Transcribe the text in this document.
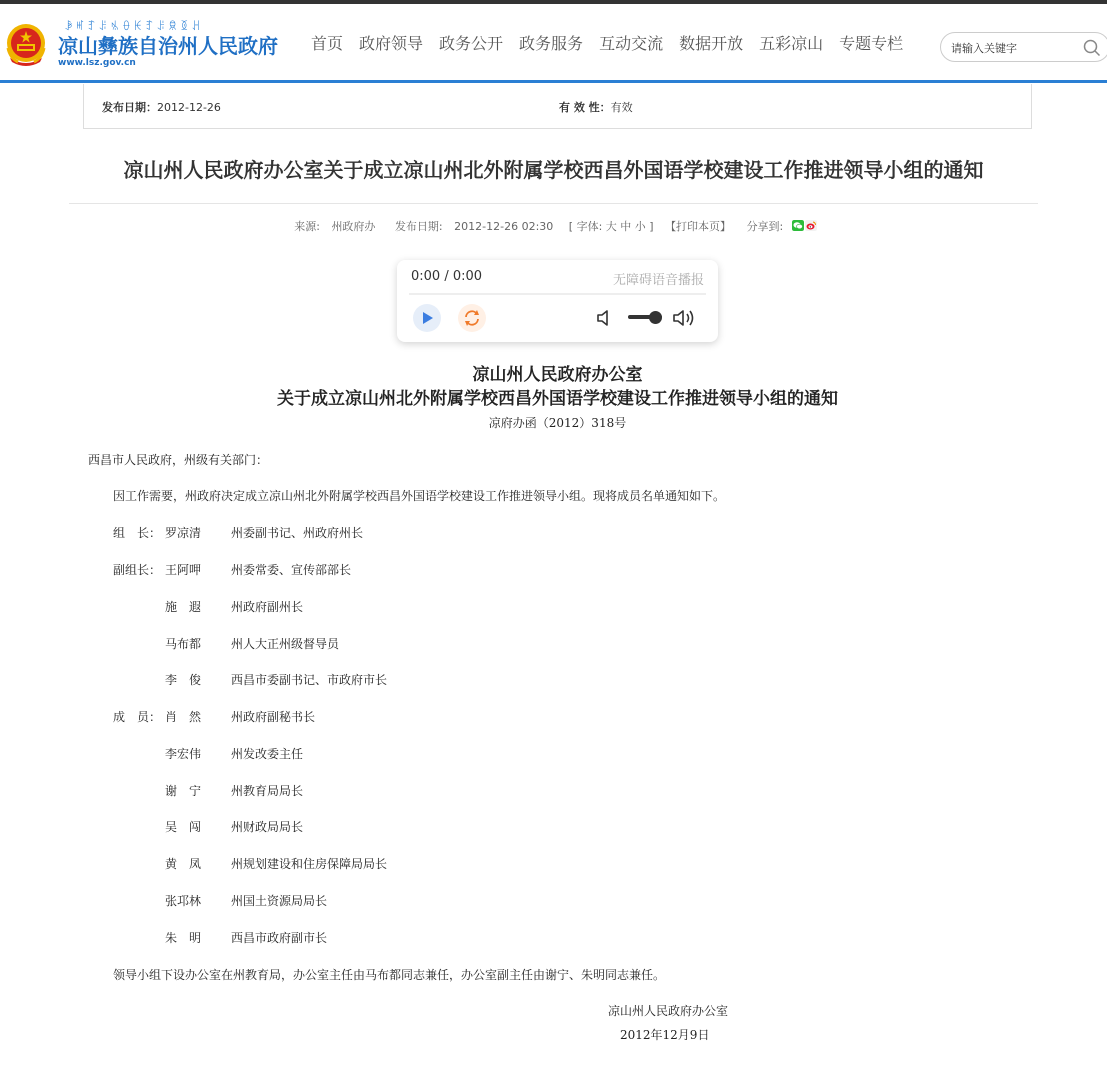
ꆃꎭꆈꌠꁱꂷꀘꆈꌠꌋꅉꃅ
凉山彝族自治州人民政府
www.lsz.gov.cn
首页 政府领导 政务公开 政务服务 互动交流 数据开放 五彩凉山 专题专栏
请输入关键字
发布日期：2012-12-26	有 效 性：有效
凉山州人民政府办公室关于成立凉山州北外附属学校西昌外国语学校建设工作推进领导小组的通知
来源: 州政府办 发布日期: 2012-12-26 02:30 [ 字体: 大 中 小 ] 【打印本页】 分享到:
0:00 / 0:00	无障碍语音播报
凉山州人民政府办公室
关于成立凉山州北外附属学校西昌外国语学校建设工作推进领导小组的通知
凉府办函（2012）318号
西昌市人民政府，州级有关部门：
因工作需要，州政府决定成立凉山州北外附属学校西昌外国语学校建设工作推进领导小组。现将成员名单通知如下。
组　长： 罗凉清 州委副书记、州政府州长
副组长： 王阿呷 州委常委、宣传部部长
施　遐 州政府副州长
马布都 州人大正州级督导员
李　俊 西昌市委副书记、市政府市长
成　员： 肖　然 州政府副秘书长
李宏伟 州发改委主任
谢　宁 州教育局局长
吴　闯 州财政局局长
黄　凤 州规划建设和住房保障局局长
张邛林 州国土资源局局长
朱　明 西昌市政府副市长
领导小组下设办公室在州教育局，办公室主任由马布都同志兼任，办公室副主任由谢宁、朱明同志兼任。
凉山州人民政府办公室
2012年12月9日
